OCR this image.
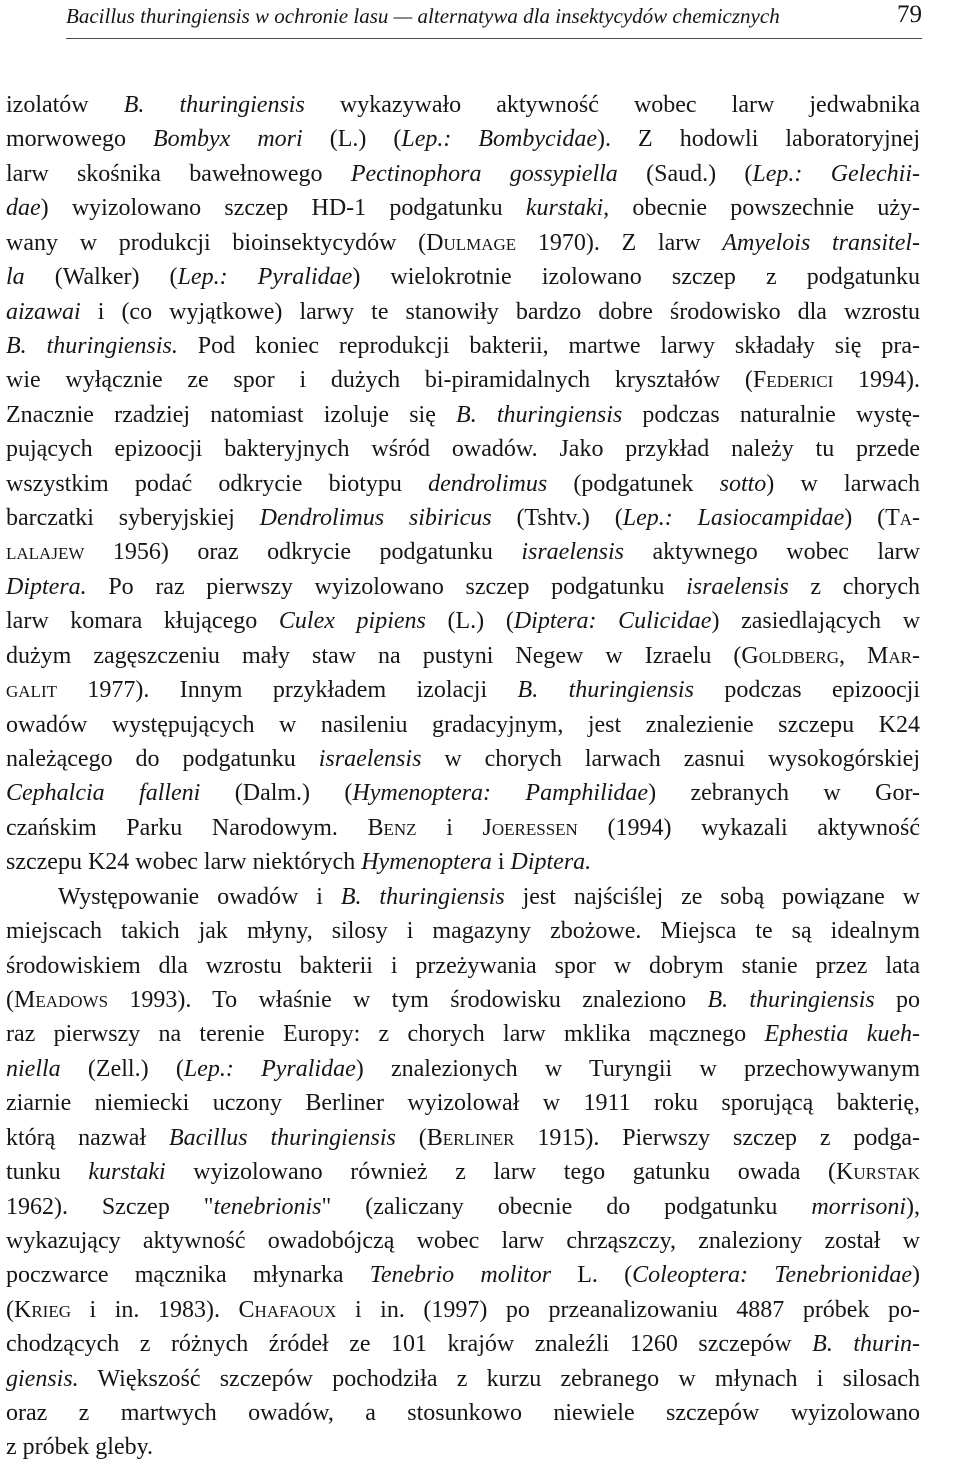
Bacillus thuringiensis w ochronie lasu — alternatywa dla insektycydów chemicznych	79
izolatów B. thuringiensis wykazywało aktywność wobec larw jedwabnika
morwowego Bombyx mori (L.) (Lep.: Bombycidae). Z hodowli laboratoryjnej
larw skośnika bawełnowego Pectinophora gossypiella (Saud.) (Lep.: Gelechii-
dae) wyizolowano szczep HD-1 podgatunku kurstaki, obecnie powszechnie uży-
wany w produkcji bioinsektycydów (Dulmage 1970). Z larw Amyelois transitel-
la (Walker) (Lep.: Pyralidae) wielokrotnie izolowano szczep z podgatunku
aizawai i (co wyjątkowe) larwy te stanowiły bardzo dobre środowisko dla wzrostu
B. thuringiensis. Pod koniec reprodukcji bakterii, martwe larwy składały się pra-
wie wyłącznie ze spor i dużych bi-piramidalnych kryształów (Federici 1994).
Znacznie rzadziej natomiast izoluje się B. thuringiensis podczas naturalnie wystę-
pujących epizoocji bakteryjnych wśród owadów. Jako przykład należy tu przede
wszystkim podać odkrycie biotypu dendrolimus (podgatunek sotto) w larwach
barczatki syberyjskiej Dendrolimus sibiricus (Tshtv.) (Lep.: Lasiocampidae) (Ta-
lalajew 1956) oraz odkrycie podgatunku israelensis aktywnego wobec larw
Diptera. Po raz pierwszy wyizolowano szczep podgatunku israelensis z chorych
larw komara kłującego Culex pipiens (L.) (Diptera: Culicidae) zasiedlających w
dużym zagęszczeniu mały staw na pustyni Negew w Izraelu (Goldberg, Mar-
galit 1977). Innym przykładem izolacji B. thuringiensis podczas epizoocji
owadów występujących w nasileniu gradacyjnym, jest znalezienie szczepu K24
należącego do podgatunku israelensis w chorych larwach zasnui wysokogórskiej
Cephalcia falleni (Dalm.) (Hymenoptera: Pamphilidae) zebranych w Gor-
czańskim Parku Narodowym. Benz i Joeressen (1994) wykazali aktywność
szczepu K24 wobec larw niektórych Hymenoptera i Diptera.
Występowanie owadów i B. thuringiensis jest najściślej ze sobą powiązane w
miejscach takich jak młyny, silosy i magazyny zbożowe. Miejsca te są idealnym
środowiskiem dla wzrostu bakterii i przeżywania spor w dobrym stanie przez lata
(Meadows 1993). To właśnie w tym środowisku znaleziono B. thuringiensis po
raz pierwszy na terenie Europy: z chorych larw mklika mącznego Ephestia kueh-
niella (Zell.) (Lep.: Pyralidae) znalezionych w Turyngii w przechowywanym
ziarnie niemiecki uczony Berliner wyizolował w 1911 roku sporującą bakterię,
którą nazwał Bacillus thuringiensis (Berliner 1915). Pierwszy szczep z podga-
tunku kurstaki wyizolowano również z larw tego gatunku owada (Kurstak
1962). Szczep "tenebrionis" (zaliczany obecnie do podgatunku morrisoni),
wykazujący aktywność owadobójczą wobec larw chrząszczy, znaleziony został w
poczwarce mącznika młynarka Tenebrio molitor L. (Coleoptera: Tenebrionidae)
(Krieg i in. 1983). Chafaoux i in. (1997) po przeanalizowaniu 4887 próbek po-
chodzących z różnych źródeł ze 101 krajów znaleźli 1260 szczepów B. thurin-
giensis. Większość szczepów pochodziła z kurzu zebranego w młynach i silosach
oraz z martwych owadów, a stosunkowo niewiele szczepów wyizolowano
z próbek gleby.
